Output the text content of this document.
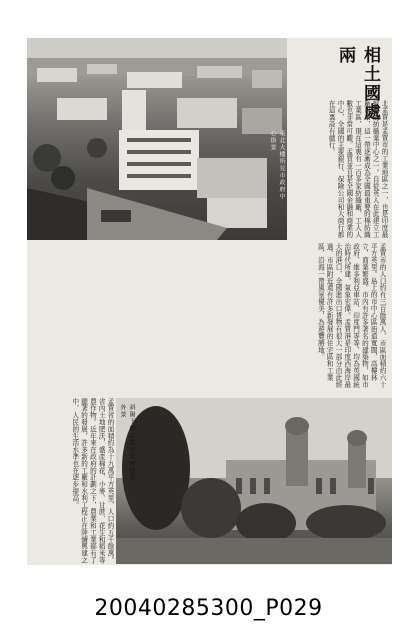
東北大樓所見市政府中心街景
相土國處兩
北孟買是孟買市的工業地區之一，也是印度最繁榮的紡織業中心之一。自從英人在此建立工廠以來，這一帶逐漸成為全國最重要的棉紡織工業區，現在這裏有一百多家紡織廠，工人人數也非常可觀。孟買並且是全國金融和商業的中心，全國的主要銀行、保險公司和大商行都在這裏設有總行。
孟買市的人口約有三百餘萬人，市區面積約六十平方英里。島上的市中心區街道寬闊，高樓林立，商業繁盛。市內有許多著名的建築物，如市政府、維多利亞車站、印度門等等，均為英國統治時代所建，氣象宏偉。孟買港是印度西海岸最大的港口，全國進出口貨物有很大一部分由此經過。市區附近還有許多新發展的住宅區和工業區，沿海一帶風景優美，為遊覽勝地。
孟買省的面積約為十九萬平方英里，人口約五千餘萬。省內土地肥沃，盛產棉花、小麥、甘蔗、花生和稻米等農作物。近年來在政府的計劃之下，農業和工業都有了顯著的發展，許多新的工廠和水利工程正在陸續興建之中，人民的生活水準也在逐步提高。	斜陽下的孟買市政府建築外景
20040285300_P029
